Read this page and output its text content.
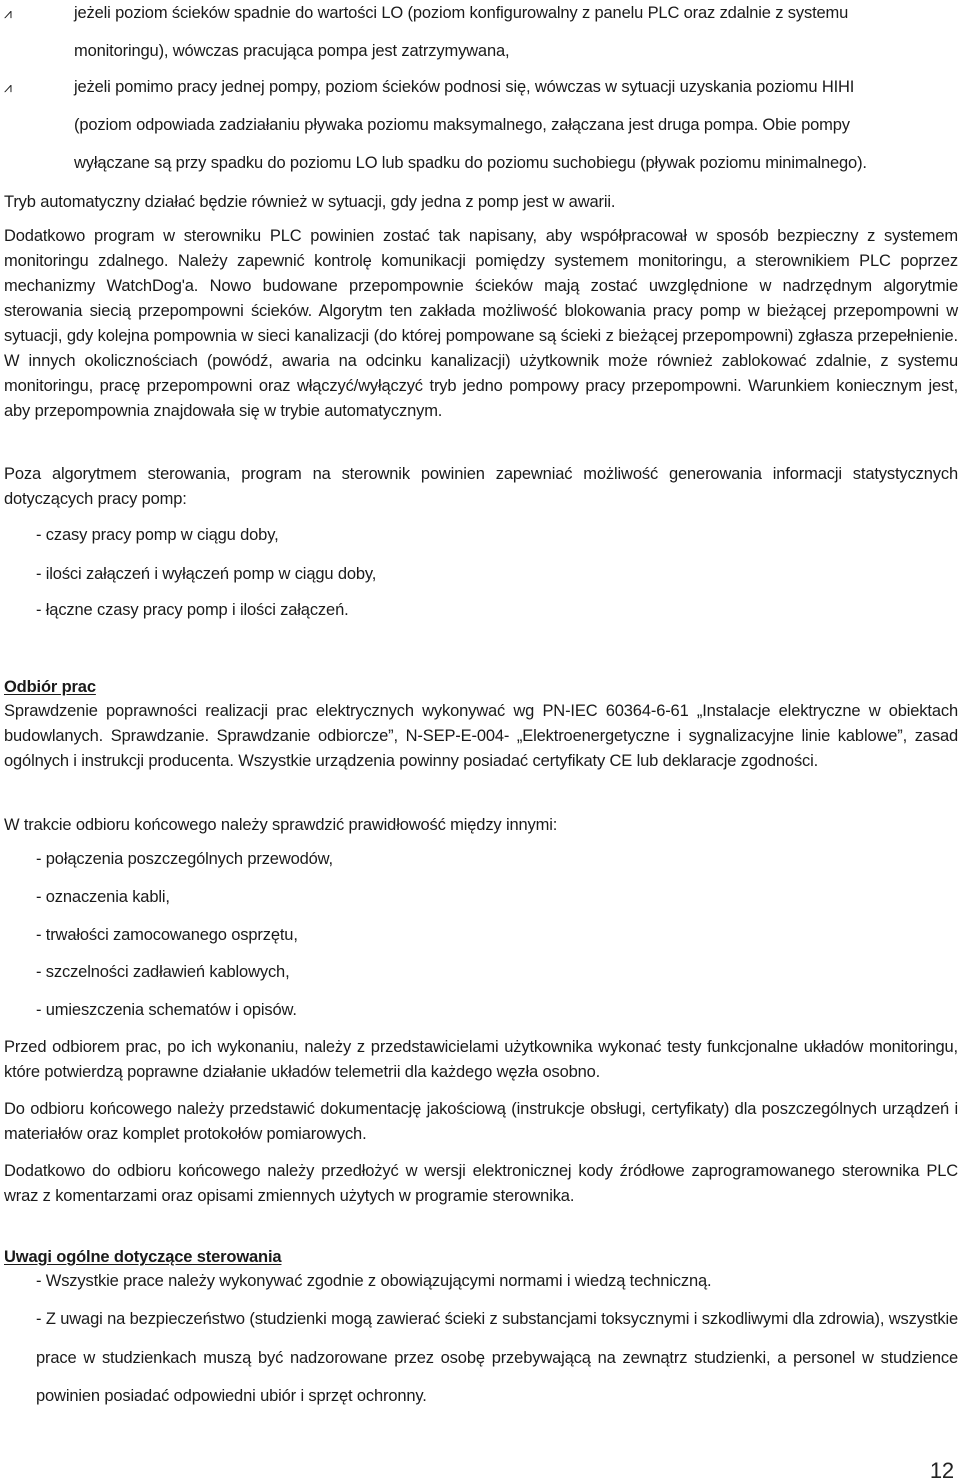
⩘	jeżeli poziom ścieków spadnie do wartości LO (poziom konfigurowalny z panelu PLC oraz zdalnie z systemu
monitoringu), wówczas pracująca pompa jest zatrzymywana,
⩘	jeżeli pomimo pracy jednej pompy, poziom ścieków podnosi się, wówczas w sytuacji uzyskania poziomu HIHI
(poziom odpowiada zadziałaniu pływaka poziomu maksymalnego, załączana jest druga pompa. Obie pompy
wyłączane są przy spadku do poziomu LO lub spadku do poziomu suchobiegu (pływak poziomu minimalnego).
Tryb automatyczny działać będzie również w sytuacji, gdy jedna z pomp jest w awarii.
Dodatkowo program w sterowniku PLC powinien zostać tak napisany, aby współpracował w sposób bezpieczny z systemem monitoringu zdalnego. Należy zapewnić kontrolę komunikacji pomiędzy systemem monitoringu, a sterownikiem PLC poprzez mechanizmy WatchDog'a. Nowo budowane przepompownie ścieków mają zostać uwzględnione w nadrzędnym algorytmie sterowania siecią przepompowni ścieków. Algorytm ten zakłada możliwość blokowania pracy pomp w bieżącej przepompowni w sytuacji, gdy kolejna pompownia w sieci kanalizacji (do której pompowane są ścieki z bieżącej przepompowni) zgłasza przepełnienie. W innych okolicznościach (powódź, awaria na odcinku kanalizacji) użytkownik może również zablokować zdalnie, z systemu monitoringu, pracę przepompowni oraz włączyć/wyłączyć tryb jedno pompowy pracy przepompowni. Warunkiem koniecznym jest, aby przepompownia znajdowała się w trybie automatycznym.
Poza algorytmem sterowania, program na sterownik powinien zapewniać możliwość generowania informacji statystycznych dotyczących pracy pomp:
- czasy pracy pomp w ciągu doby,
- ilości załączeń i wyłączeń pomp w ciągu doby,
- łączne czasy pracy pomp i ilości załączeń.
Odbiór prac
Sprawdzenie poprawności realizacji prac elektrycznych wykonywać wg PN-IEC 60364-6-61 „Instalacje elektryczne w obiektach budowlanych. Sprawdzanie. Sprawdzanie odbiorcze”, N-SEP-E-004- „Elektroenergetyczne i sygnalizacyjne linie kablowe”, zasad ogólnych i instrukcji producenta. Wszystkie urządzenia powinny posiadać certyfikaty CE lub deklaracje zgodności.
W trakcie odbioru końcowego należy sprawdzić prawidłowość między innymi:
- połączenia poszczególnych przewodów,
- oznaczenia kabli,
- trwałości zamocowanego osprzętu,
- szczelności zadławień kablowych,
- umieszczenia schematów i opisów.
Przed odbiorem prac, po ich wykonaniu, należy z przedstawicielami użytkownika wykonać testy funkcjonalne układów monitoringu, które potwierdzą poprawne działanie układów telemetrii dla każdego węzła osobno.
Do odbioru końcowego należy przedstawić dokumentację jakościową (instrukcje obsługi, certyfikaty) dla poszczególnych urządzeń i materiałów oraz komplet protokołów pomiarowych.
Dodatkowo do odbioru końcowego należy przedłożyć w wersji elektronicznej kody źródłowe zaprogramowanego sterownika PLC wraz z komentarzami oraz opisami zmiennych użytych w programie sterownika.
Uwagi ogólne dotyczące sterowania
- Wszystkie prace należy wykonywać zgodnie z obowiązującymi normami i wiedzą techniczną.
- Z uwagi na bezpieczeństwo (studzienki mogą zawierać ścieki z substancjami toksycznymi i szkodliwymi dla zdrowia), wszystkie prace w studzienkach muszą być nadzorowane przez osobę przebywającą na zewnątrz studzienki, a personel w studzience powinien posiadać odpowiedni ubiór i sprzęt ochronny.
12
